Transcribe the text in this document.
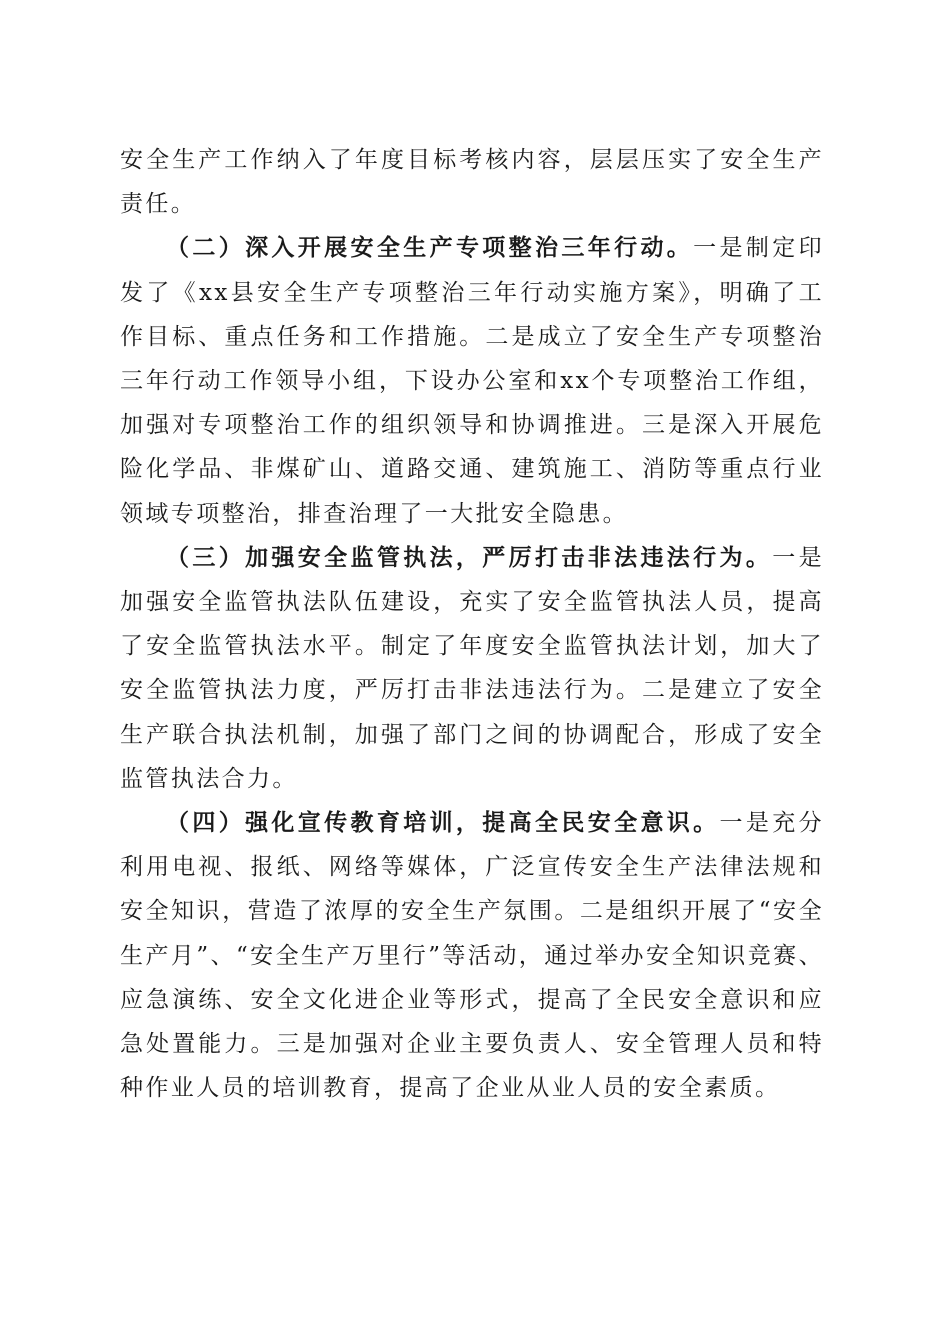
安全生产工作纳入了年度目标考核内容，层层压实了安全生产责任。

（二）深入开展安全生产专项整治三年行动。一是制定印发了《xx县安全生产专项整治三年行动实施方案》，明确了工作目标、重点任务和工作措施。二是成立了安全生产专项整治三年行动工作领导小组，下设办公室和xx个专项整治工作组，加强对专项整治工作的组织领导和协调推进。三是深入开展危险化学品、非煤矿山、道路交通、建筑施工、消防等重点行业领域专项整治，排查治理了一大批安全隐患。

（三）加强安全监管执法，严厉打击非法违法行为。一是加强安全监管执法队伍建设，充实了安全监管执法人员，提高了安全监管执法水平。制定了年度安全监管执法计划，加大了安全监管执法力度，严厉打击非法违法行为。二是建立了安全生产联合执法机制，加强了部门之间的协调配合，形成了安全监管执法合力。

（四）强化宣传教育培训，提高全民安全意识。一是充分利用电视、报纸、网络等媒体，广泛宣传安全生产法律法规和安全知识，营造了浓厚的安全生产氛围。二是组织开展了“安全生产月”、“安全生产万里行”等活动，通过举办安全知识竞赛、应急演练、安全文化进企业等形式，提高了全民安全意识和应急处置能力。三是加强对企业主要负责人、安全管理人员和特种作业人员的培训教育，提高了企业从业人员的安全素质。
